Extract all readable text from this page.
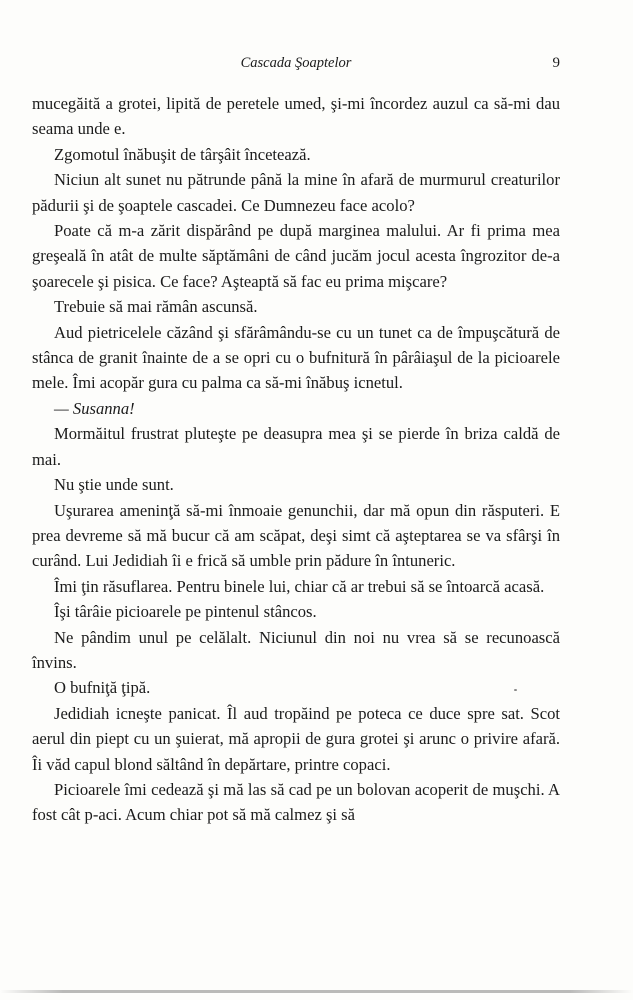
Cascada Şoaptelor	9

mucegăită a grotei, lipită de peretele umed, şi-mi încordez auzul ca să-mi dau seama unde e.

Zgomotul înăbuşit de târşâit încetează.

Niciun alt sunet nu pătrunde până la mine în afară de murmurul creaturilor pădurii şi de şoaptele cascadei. Ce Dumnezeu face acolo?

Poate că m-a zărit dispărând pe după marginea malului. Ar fi prima mea greşeală în atât de multe săptămâni de când jucăm jocul acesta îngrozitor de-a şoarecele şi pisica. Ce face? Aşteaptă să fac eu prima mişcare?

Trebuie să mai rămân ascunsă.

Aud pietricelele căzând şi sfărâmându-se cu un tunet ca de împuşcătură de stânca de granit înainte de a se opri cu o bufnitură în pârâiaşul de la picioarele mele. Îmi acopăr gura cu palma ca să-mi înăbuş icnetul.

— Susanna!

Mormăitul frustrat pluteşte pe deasupra mea şi se pierde în briza caldă de mai.

Nu ştie unde sunt.

Uşurarea ameninţă să-mi înmoaie genunchii, dar mă opun din răsputeri. E prea devreme să mă bucur că am scăpat, deşi simt că aşteptarea se va sfârşi în curând. Lui Jedidiah îi e frică să umble prin pădure în întuneric.

Îmi ţin răsuflarea. Pentru binele lui, chiar că ar trebui să se întoarcă acasă.

Îşi târâie picioarele pe pintenul stâncos.

Ne pândim unul pe celălalt. Niciunul din noi nu vrea să se recunoască învins.

O bufniţă ţipă.

Jedidiah icneşte panicat. Îl aud tropăind pe poteca ce duce spre sat. Scot aerul din piept cu un şuierat, mă apropii de gura grotei şi arunc o privire afară. Îi văd capul blond săltând în depărtare, printre copaci.

Picioarele îmi cedează şi mă las să cad pe un bolovan acoperit de muşchi. A fost cât p-aci. Acum chiar pot să mă calmez şi să
